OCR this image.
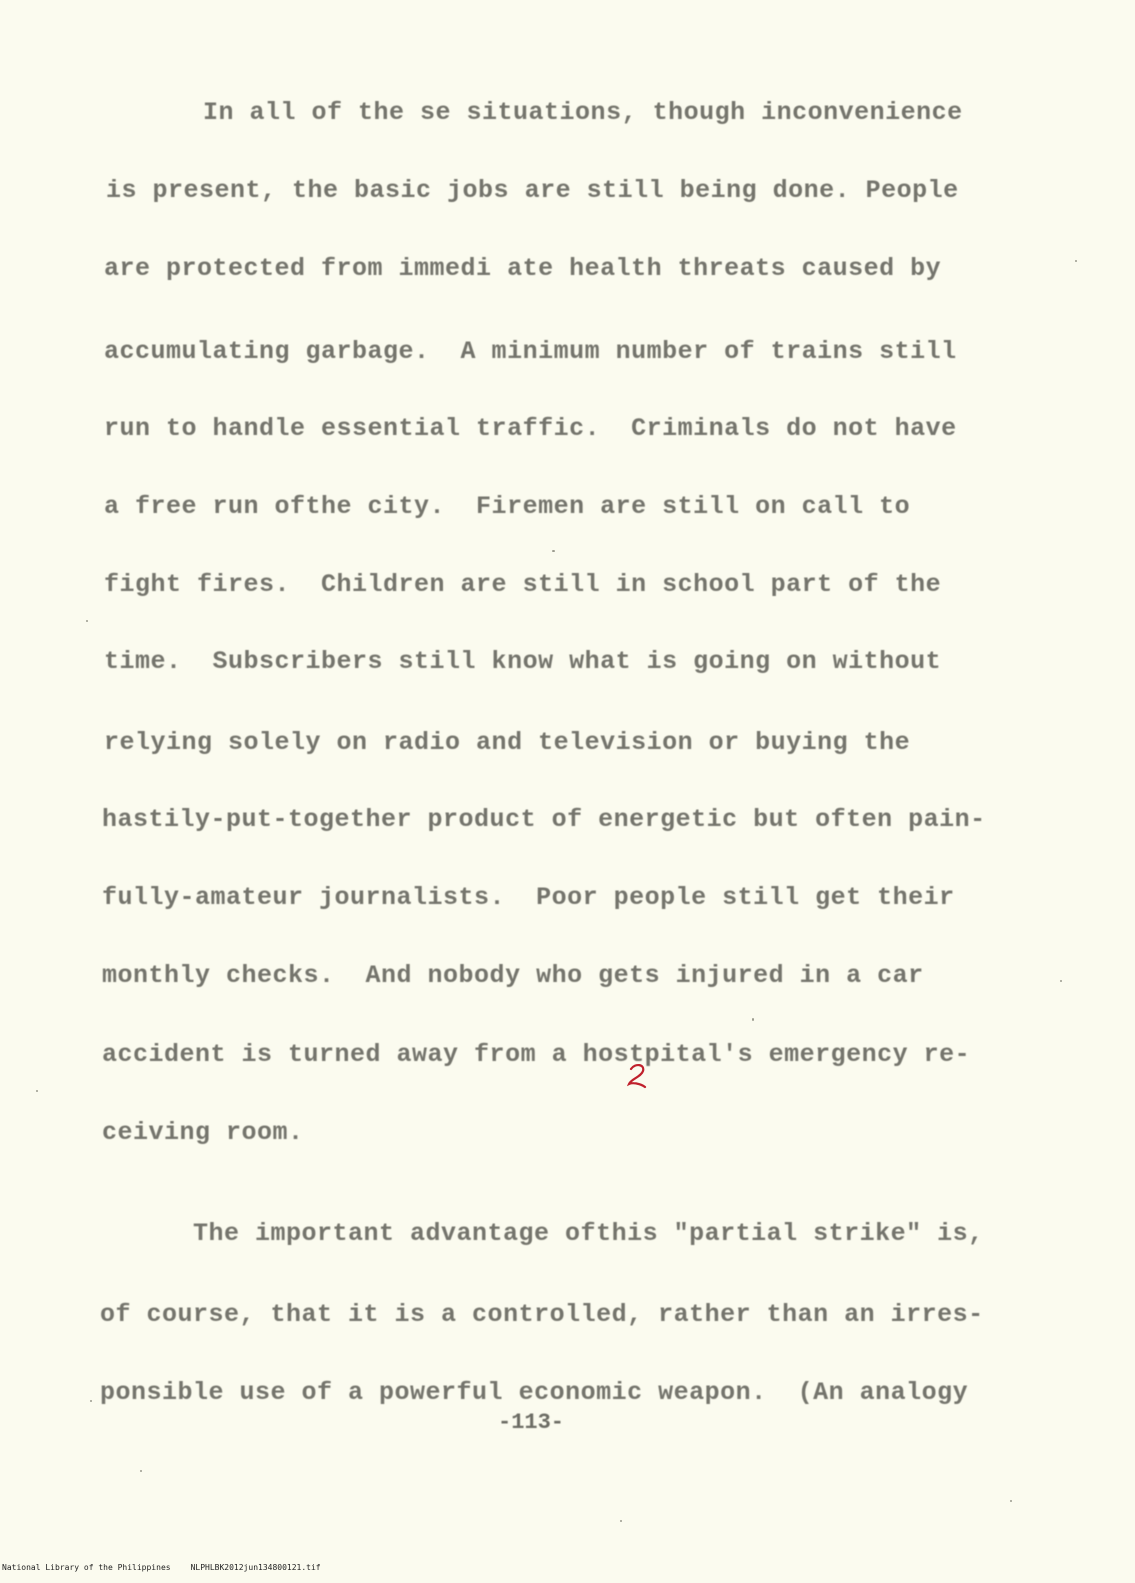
In all of the se situations, though inconvenience
is present, the basic jobs are still being done. People
are protected from immedi ate health threats caused by
accumulating garbage.  A minimum number of trains still
run to handle essential traffic.  Criminals do not have
a free run ofthe city.  Firemen are still on call to
fight fires.  Children are still in school part of the
time.  Subscribers still know what is going on without
relying solely on radio and television or buying the
hastily-put-together product of energetic but often pain-
fully-amateur journalists.  Poor people still get their
monthly checks.  And nobody who gets injured in a car
accident is turned away from a hostpital's emergency re-
ceiving room.
The important advantage ofthis "partial strike" is,
of course, that it is a controlled, rather than an irres-
ponsible use of a powerful economic weapon.  (An analogy
-113-
National Library of the Philippines	NLPHLBK2012jun134800121.tif
